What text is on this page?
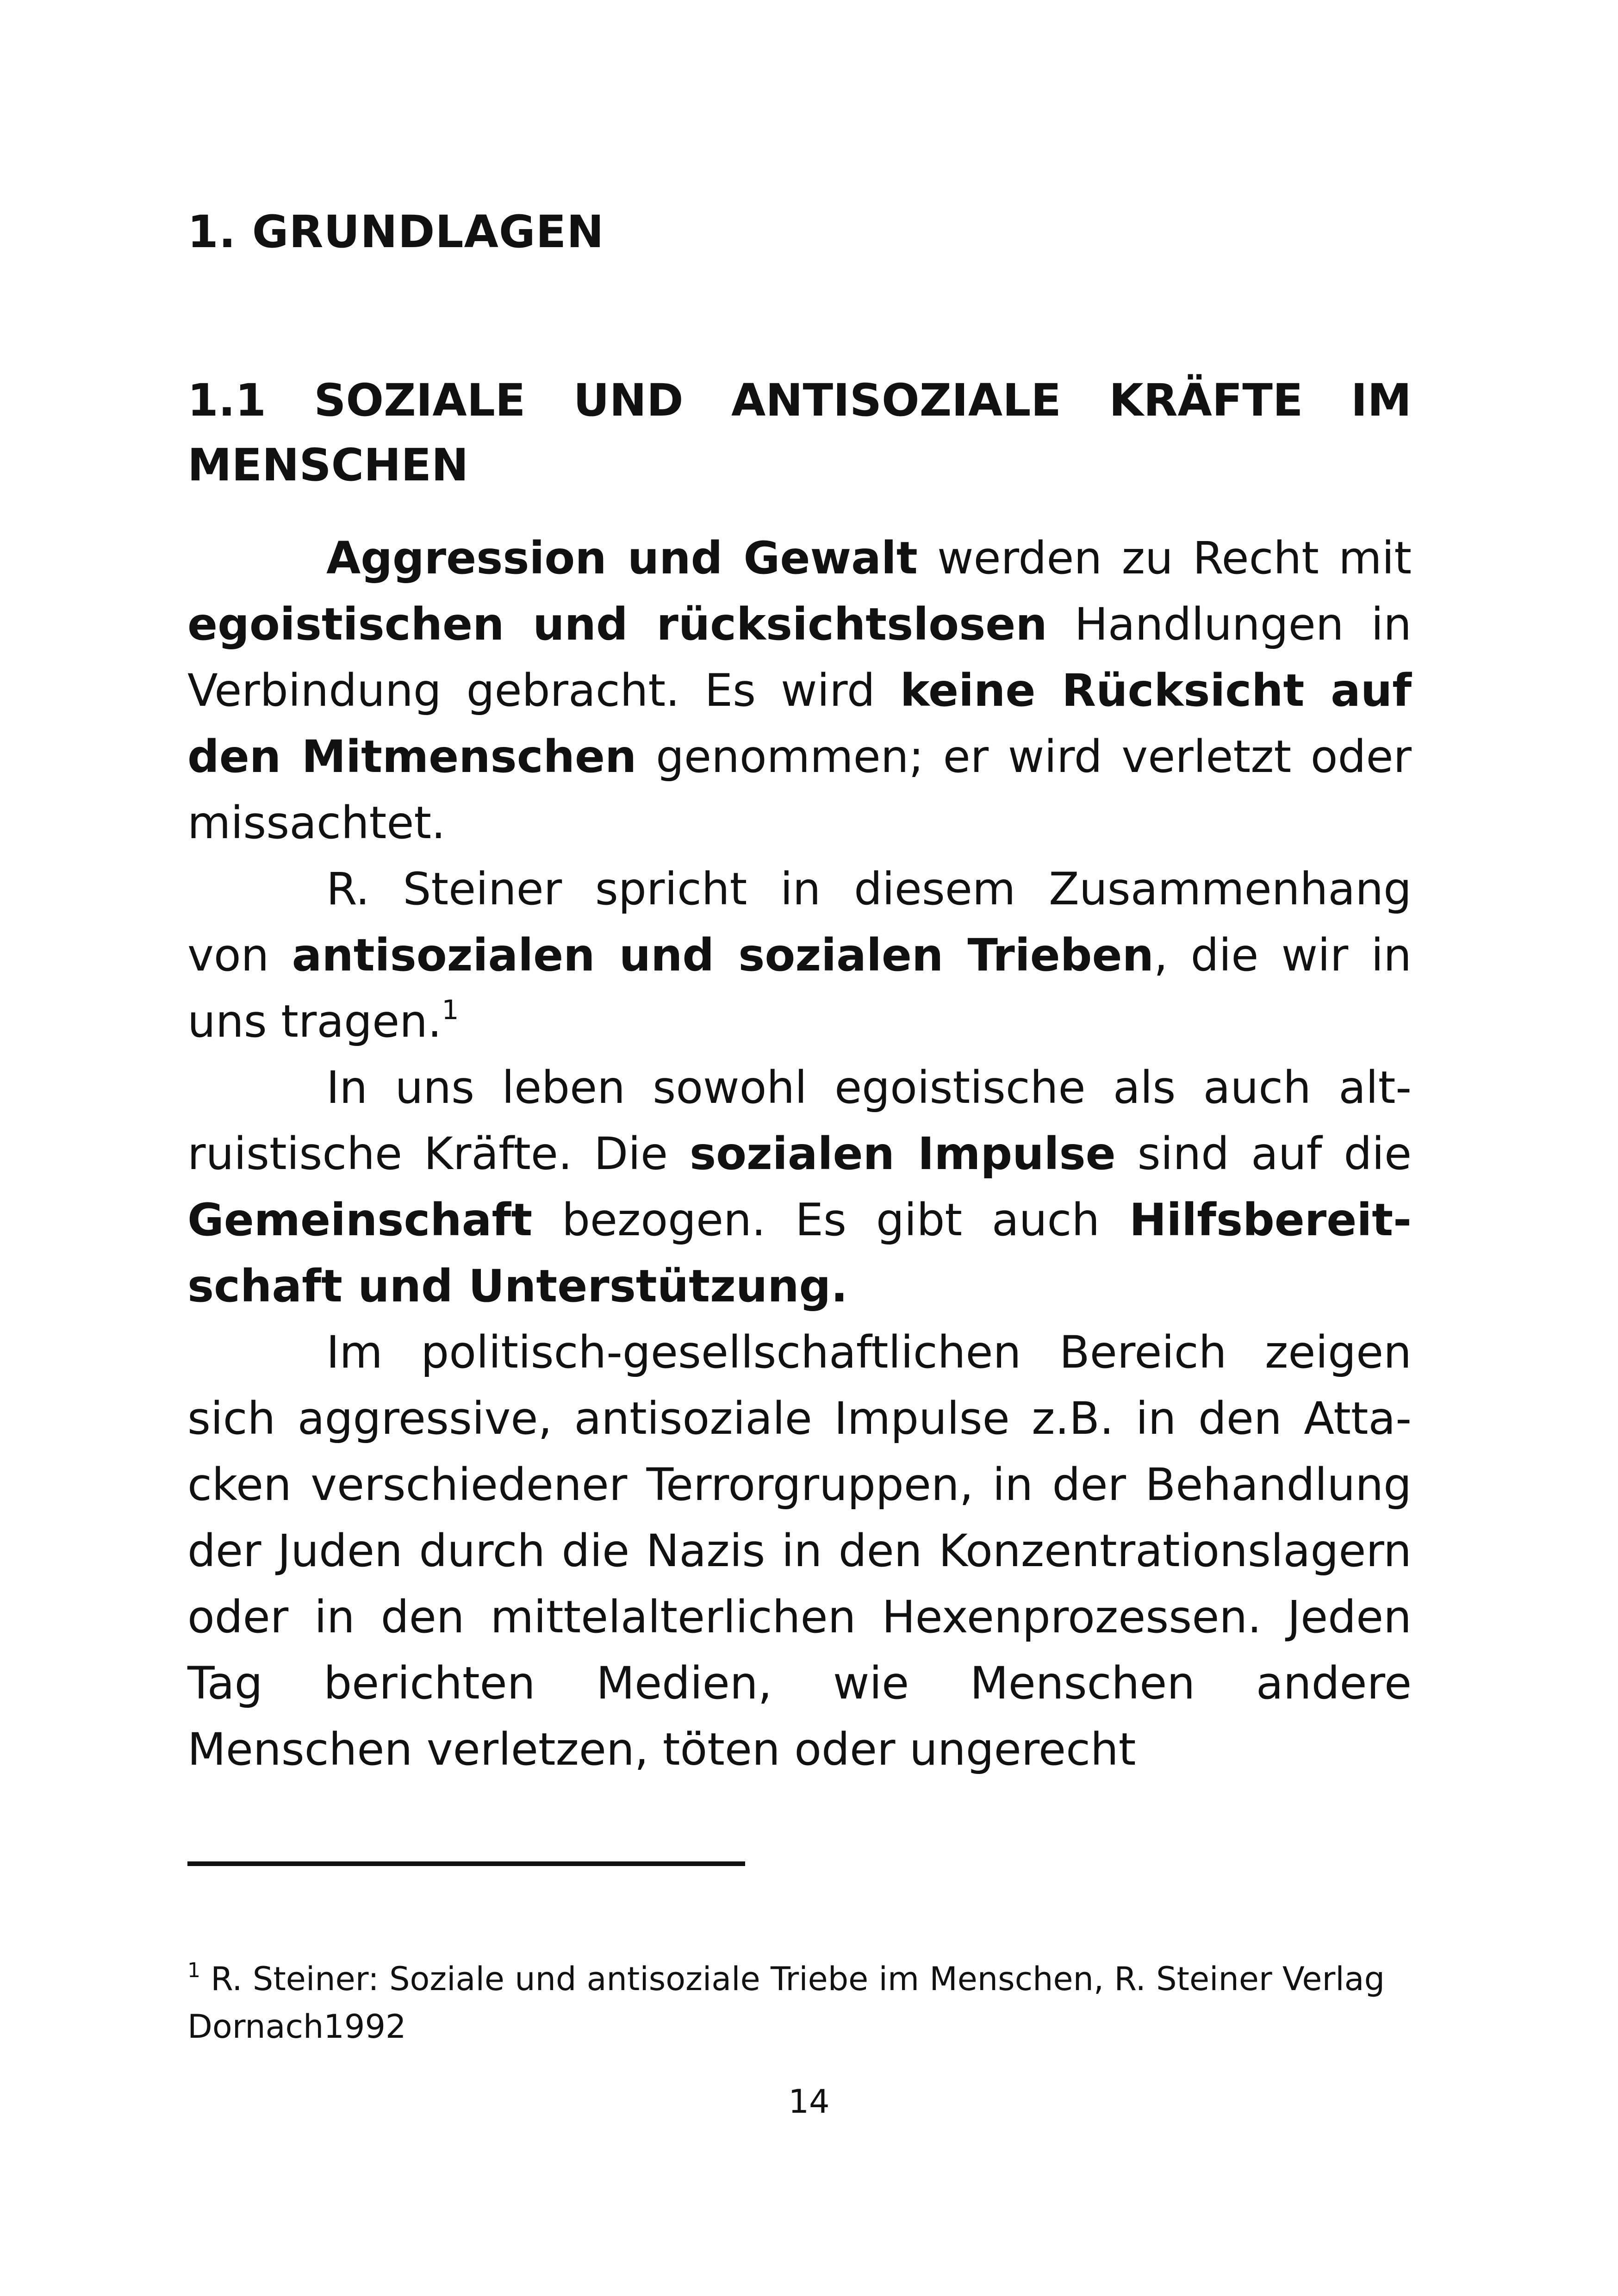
1. GRUNDLAGEN
1.1 SOZIALE UND ANTISOZIALE KRÄFTE IM
MENSCHEN

Aggression und Gewalt werden zu Recht mit egoistischen und rücksichtslosen Handlungen in Verbindung gebracht. Es wird keine Rücksicht auf den Mitmenschen genommen; er wird verletzt oder missachtet.

R. Steiner spricht in diesem Zusammenhang von antisozialen und sozialen Trieben, die wir in uns tragen.$^1$

In uns leben sowohl egoistische als auch altruistische Kräfte. Die sozialen Impulse sind auf die Gemeinschaft bezogen. Es gibt auch Hilfsbereitschaft und Unterstützung.

Im politisch-gesellschaftlichen Bereich zeigen sich aggressive, antisoziale Impulse z.B. in den Attacken verschiedener Terrorgruppen, in der Behandlung der Juden durch die Nazis in den Konzentrationslagern oder in den mittelalterlichen Hexenprozessen. Jeden Tag berichten Medien, wie Menschen andere Menschen verletzen, töten oder ungerecht

$^1$ R. Steiner: Soziale und antisoziale Triebe im Menschen, R. Steiner Verlag Dornach1992

14
